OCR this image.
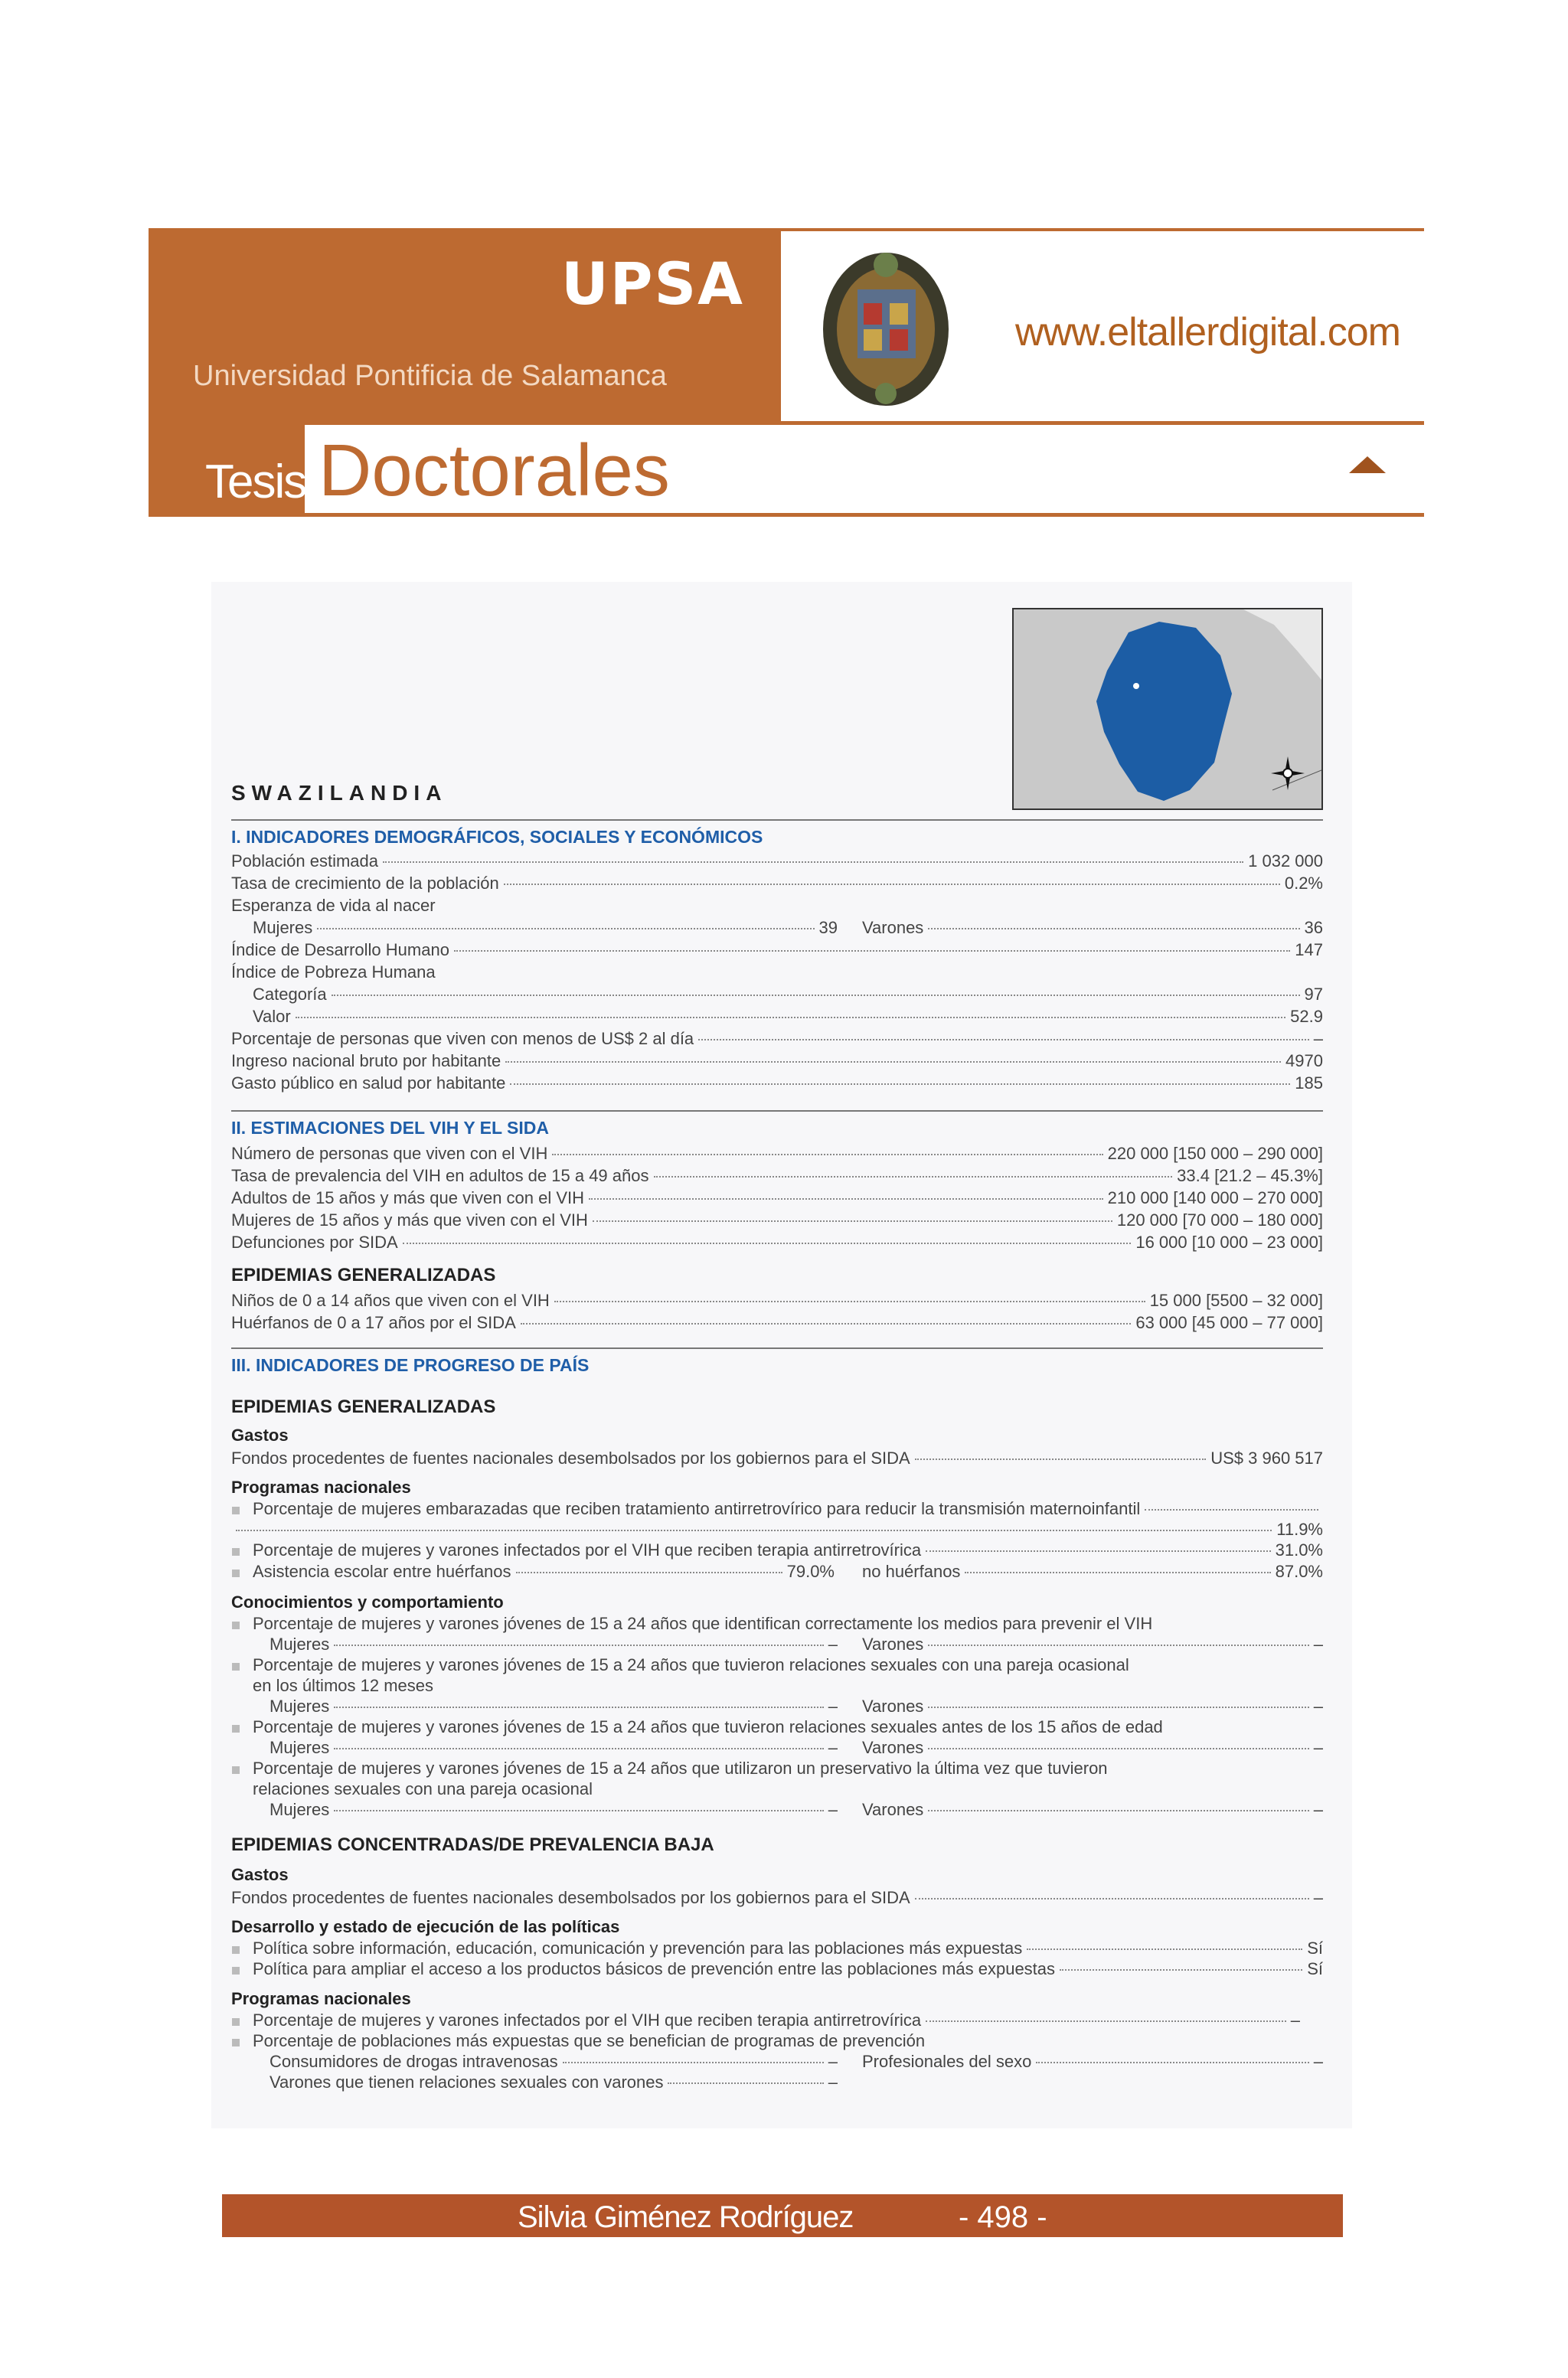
UPSA
Universidad Pontificia de Salamanca
www.eltallerdigital.com
Tesis Doctorales
SWAZILANDIA
I. INDICADORES DEMOGRÁFICOS, SOCIALES Y ECONÓMICOS
Población estimada	1 032 000
Tasa de crecimiento de la población	0.2%
Esperanza de vida al nacer
Mujeres	39 Varones	36
Índice de Desarrollo Humano	147
Índice de Pobreza Humana
Categoría	97
Valor	52.9
Porcentaje de personas que viven con menos de US$ 2 al día	–
Ingreso nacional bruto por habitante	4970
Gasto público en salud por habitante	185
II. ESTIMACIONES DEL VIH Y EL SIDA
Número de personas que viven con el VIH	220 000 [150 000 – 290 000]
Tasa de prevalencia del VIH en adultos de 15 a 49 años	33.4 [21.2 – 45.3%]
Adultos de 15 años y más que viven con el VIH	210 000 [140 000 – 270 000]
Mujeres de 15 años y más que viven con el VIH	120 000 [70 000 – 180 000]
Defunciones por SIDA	16 000 [10 000 – 23 000]
EPIDEMIAS GENERALIZADAS
Niños de 0 a 14 años que viven con el VIH	15 000 [5500 – 32 000]
Huérfanos de 0 a 17 años por el SIDA	63 000 [45 000 – 77 000]
III. INDICADORES DE PROGRESO DE PAÍS
EPIDEMIAS GENERALIZADAS
Gastos
Fondos procedentes de fuentes nacionales desembolsados por los gobiernos para el SIDA	US$ 3 960 517
Programas nacionales
Porcentaje de mujeres embarazadas que reciben tratamiento antirretrovírico para reducir la transmisión maternoinfantil
11.9%
Porcentaje de mujeres y varones infectados por el VIH que reciben terapia antirretrovírica	31.0%
Asistencia escolar entre huérfanos	79.0% no huérfanos	87.0%
Conocimientos y comportamiento
Porcentaje de mujeres y varones jóvenes de 15 a 24 años que identifican correctamente los medios para prevenir el VIH
Mujeres	– Varones	–
Porcentaje de mujeres y varones jóvenes de 15 a 24 años que tuvieron relaciones sexuales con una pareja ocasional
en los últimos 12 meses
Mujeres	– Varones	–
Porcentaje de mujeres y varones jóvenes de 15 a 24 años que tuvieron relaciones sexuales antes de los 15 años de edad
Mujeres	– Varones	–
Porcentaje de mujeres y varones jóvenes de 15 a 24 años que utilizaron un preservativo la última vez que tuvieron
relaciones sexuales con una pareja ocasional
Mujeres	– Varones	–
EPIDEMIAS CONCENTRADAS/DE PREVALENCIA BAJA
Gastos
Fondos procedentes de fuentes nacionales desembolsados por los gobiernos para el SIDA	–
Desarrollo y estado de ejecución de las políticas
Política sobre información, educación, comunicación y prevención para las poblaciones más expuestas	Sí
Política para ampliar el acceso a los productos básicos de prevención entre las poblaciones más expuestas	Sí
Programas nacionales
Porcentaje de mujeres y varones infectados por el VIH que reciben terapia antirretrovírica	–
Porcentaje de poblaciones más expuestas que se benefician de programas de prevención
Consumidores de drogas intravenosas	– Profesionales del sexo	–
Varones que tienen relaciones sexuales con varones	–
Silvia Giménez Rodríguez	- 498 -
